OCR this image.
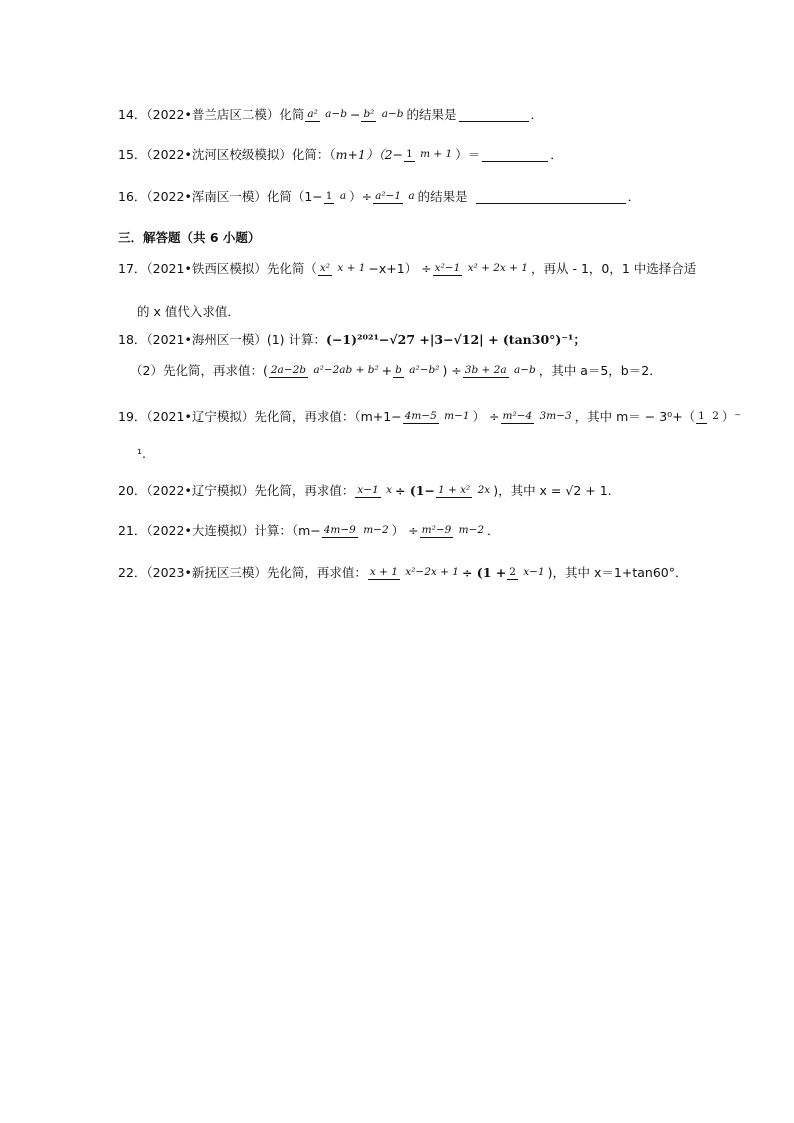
14．（2022•普兰店区二模）化简 a² a−b − b² a−b 的结果是	．
15．（2022•沈河区校级模拟）化简：（ m+1）（2− 1 m + 1 ）＝	．
16．（2022•浑南区一模）化简（1− 1 a ）÷ a²−1 a 的结果是	．
三．解答题（共 6 小题）
17．（2021•铁西区模拟）先化简（ x² x + 1 −x+1） ÷ x²−1 x² + 2x + 1 ，再从 - 1，0，1 中选择合适
的 x 值代入求值．
18．（2021•海州区一模）(1) 计算： (−1)²⁰²¹−√27 +|3−√12| + (tan30°)⁻¹；
（2）先化简，再求值：( 2a−2b a²−2ab + b² + b a²−b² ) ÷ 3b + 2a a−b ，其中 a＝5，b＝2．
19．（2021•辽宁模拟）先化简，再求值：（m+1− 4m−5 m−1 ） ÷ m²−4 3m−3 ，其中 m＝ − 3⁰+（ 1 2 ）⁻
¹.
20．（2022•辽宁模拟）先化简，再求值： x−1 x ÷ (1− 1 + x² 2x )，其中 x = √2 + 1.
21．（2022•大连模拟）计算：（m− 4m−9 m−2 ） ÷ m²−9 m−2 ．
22．（2023•新抚区三模）先化简，再求值： x + 1 x²−2x + 1 ÷ (1 + 2 x−1 )，其中 x＝1+tan60°．
